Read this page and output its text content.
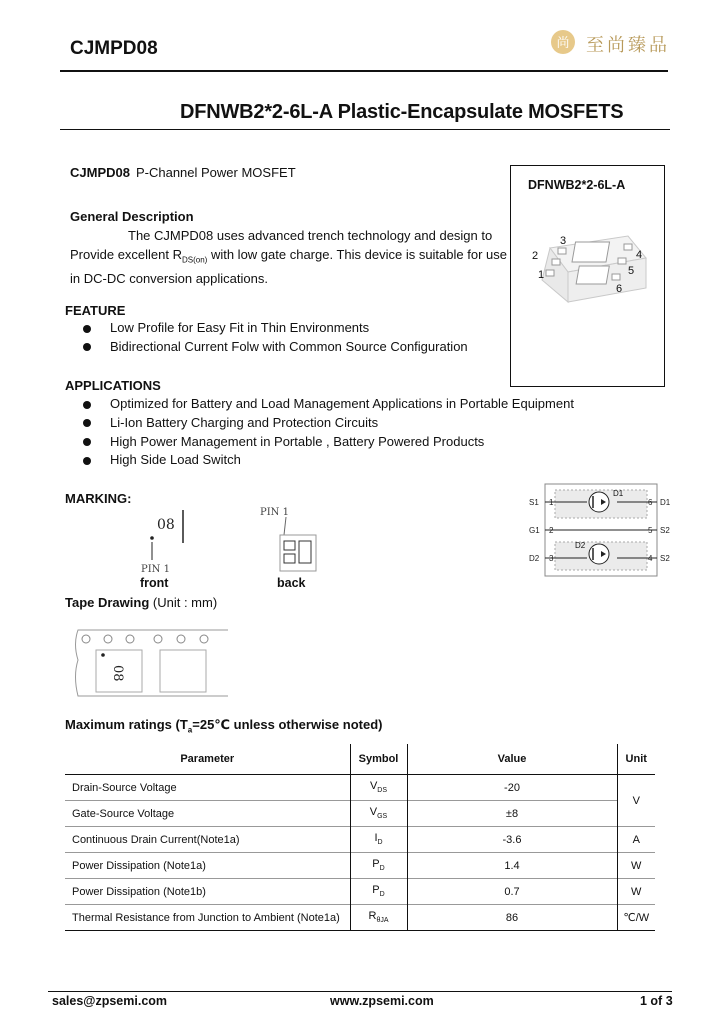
CJMPD08	尚 至尚臻品
DFNWB2*2-6L-A Plastic-Encapsulate MOSFETS
CJMPD08 P-Channel Power MOSFET
General Description
The CJMPD08 uses advanced trench technology and design to
Provide excellent $R_{DS(on)}$ with low gate charge. This device is suitable for use
in DC-DC conversion applications.
DFNWB2*2-6L-A
3
2
1
4
5
6
FEATURE
Low Profile for Easy Fit in Thin Environments
Bidirectional Current Folw with Common Source Configuration
APPLICATIONS
Optimized for Battery and Load Management Applications in Portable Equipment
Li-Ion Battery Charging and Protection Circuits
High Power Management in Portable , Battery Powered Products
High Side Load Switch
MARKING:
08
PIN 1
front
PIN 1
back
D1
D2
S1
G1
D2
1
2
3
6
5
4
D1
S2
S2
Tape Drawing (Unit : mm)
08
Maximum ratings ($T_a=25℃$ unless otherwise noted)
Parameter	Symbol	Value	Unit
Drain-Source Voltage	$V_{DS}$	-20	V
Gate-Source Voltage	$V_{GS}$	±8	
Continuous Drain Current(Note1a)	$I_D$	-3.6	A
Power Dissipation (Note1a)	$P_D$	1.4	W
Power Dissipation (Note1b)	$P_D$	0.7	W
Thermal Resistance from Junction to Ambient (Note1a)	$R_{\theta JA}$	86	℃/W
sales@zpsemi.com	www.zpsemi.com	1 of 3
